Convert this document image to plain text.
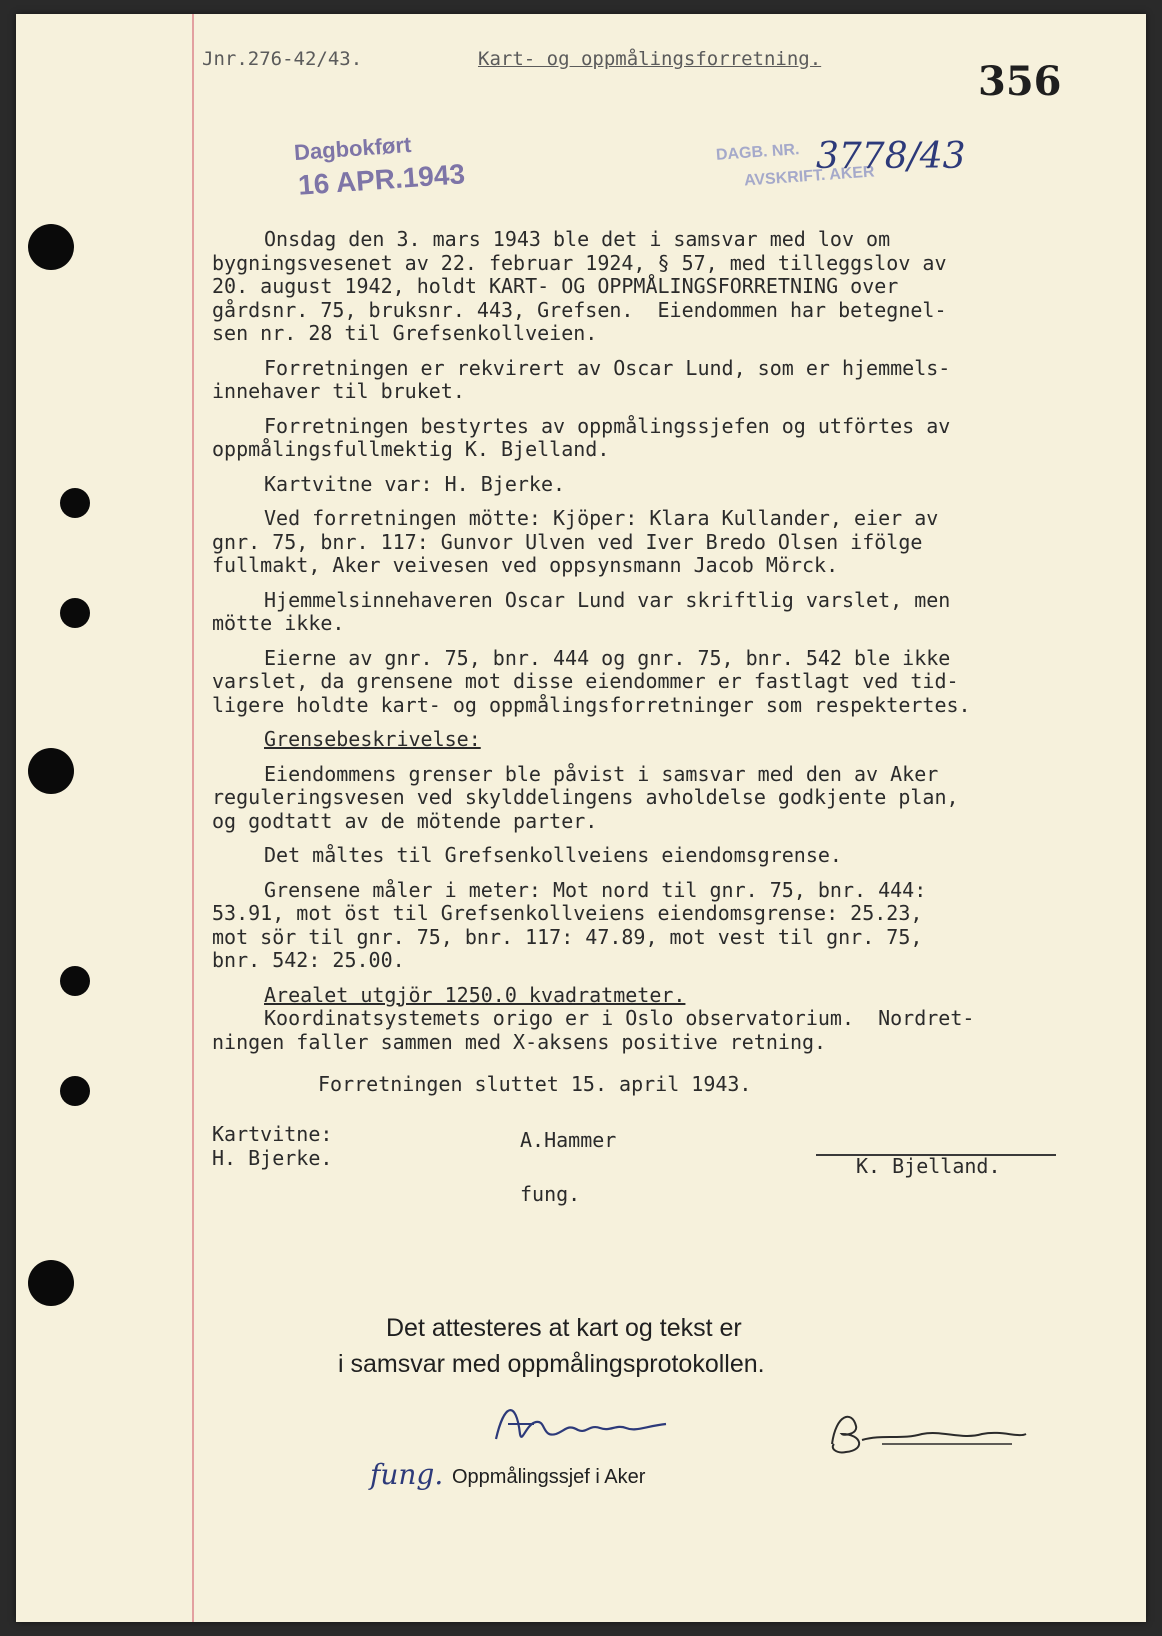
Jnr.276-42/43.	Kart- og oppmålingsforretning.	356
Dagbokført
16 APR.1943
DAGB. NR.
AVSKRIFT. AKER
3778/43
Onsdag den 3. mars 1943 ble det i samsvar med lov om
bygningsvesenet av 22. februar 1924, § 57, med tilleggslov av
20. august 1942, holdt KART- OG OPPMÅLINGSFORRETNING over
gårdsnr. 75, bruksnr. 443, Grefsen.  Eiendommen har betegnel-
sen nr. 28 til Grefsenkollveien.
Forretningen er rekvirert av Oscar Lund, som er hjemmels-
innehaver til bruket.
Forretningen bestyrtes av oppmålingssjefen og utförtes av
oppmålingsfullmektig K. Bjelland.
Kartvitne var: H. Bjerke.
Ved forretningen mötte: Kjöper: Klara Kullander, eier av
gnr. 75, bnr. 117: Gunvor Ulven ved Iver Bredo Olsen ifölge
fullmakt, Aker veivesen ved oppsynsmann Jacob Mörck.
Hjemmelsinnehaveren Oscar Lund var skriftlig varslet, men
mötte ikke.
Eierne av gnr. 75, bnr. 444 og gnr. 75, bnr. 542 ble ikke
varslet, da grensene mot disse eiendommer er fastlagt ved tid-
ligere holdte kart- og oppmålingsforretninger som respektertes.
Grensebeskrivelse:
Eiendommens grenser ble påvist i samsvar med den av Aker
reguleringsvesen ved skylddelingens avholdelse godkjente plan,
og godtatt av de mötende parter.
Det måltes til Grefsenkollveiens eiendomsgrense.
Grensene måler i meter: Mot nord til gnr. 75, bnr. 444:
53.91, mot öst til Grefsenkollveiens eiendomsgrense: 25.23,
mot sör til gnr. 75, bnr. 117: 47.89, mot vest til gnr. 75,
bnr. 542: 25.00.
Arealet utgjör 1250.0 kvadratmeter.
Koordinatsystemets origo er i Oslo observatorium.  Nordret-
ningen faller sammen med X-aksens positive retning.
Forretningen sluttet 15. april 1943.
Kartvitne:
H. Bjerke.
A.Hammer
fung.
K. Bjelland.
Det attesteres at kart og tekst er
i samsvar med oppmålingsprotokollen.
fung. Oppmålingssjef i Aker
